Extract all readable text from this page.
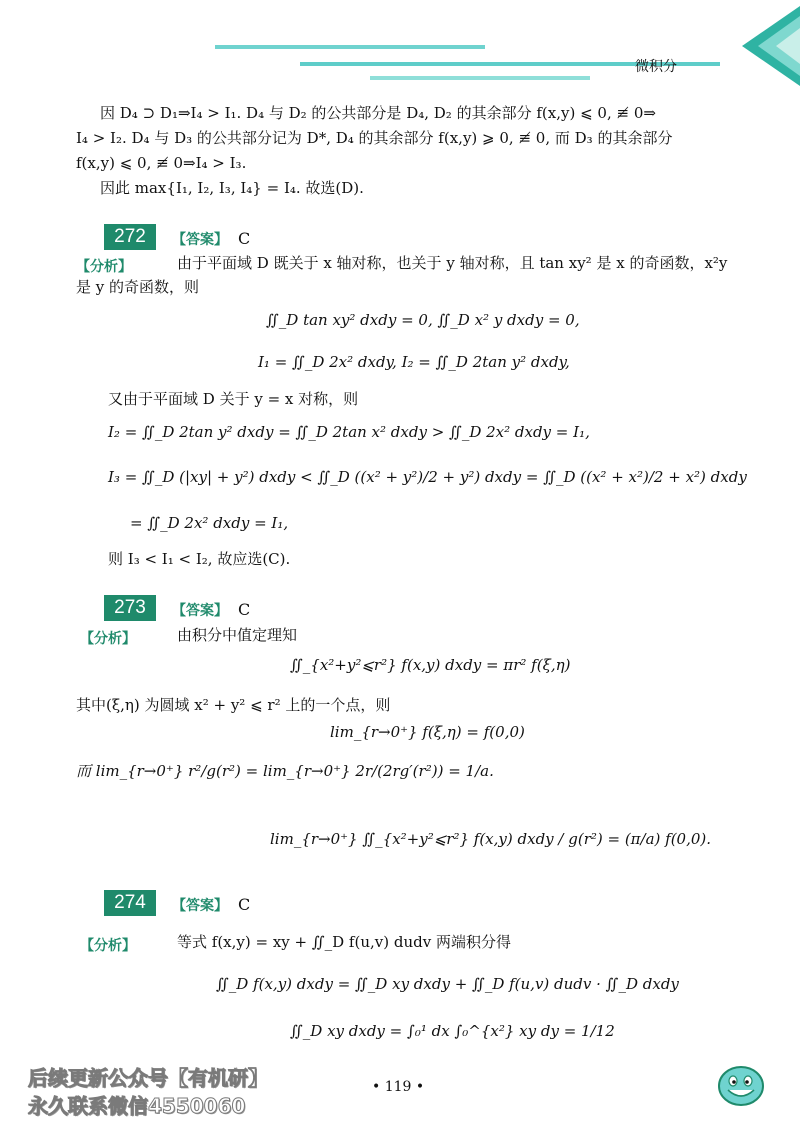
微积分
因 D₄ ⊃ D₁⇒I₄ > I₁. D₄ 与 D₂ 的公共部分是 D₄, D₂ 的其余部分 f(x,y) ⩽ 0, ≢ 0⇒
I₄ > I₂. D₄ 与 D₃ 的公共部分记为 D*, D₄ 的其余部分 f(x,y) ⩾ 0, ≢ 0, 而 D₃ 的其余部分
f(x,y) ⩽ 0, ≢ 0⇒I₄ > I₃.
因此 max{I₁, I₂, I₃, I₄} = I₄. 故选(D).
272	【答案】 C
【分析】	由于平面域 D 既关于 x 轴对称，也关于 y 轴对称，且 tan xy² 是 x 的奇函数，x²y
是 y 的奇函数，则
∬_D tan xy² dxdy = 0, ∬_D x² y dxdy = 0,
I₁ = ∬_D 2x² dxdy, I₂ = ∬_D 2tan y² dxdy,
又由于平面域 D 关于 y = x 对称，则
I₂ = ∬_D 2tan y² dxdy = ∬_D 2tan x² dxdy > ∬_D 2x² dxdy = I₁,
I₃ = ∬_D (|xy| + y²) dxdy < ∬_D ((x² + y²)/2 + y²) dxdy = ∬_D ((x² + x²)/2 + x²) dxdy
= ∬_D 2x² dxdy = I₁,
则 I₃ < I₁ < I₂, 故应选(C).
273	【答案】 C
【分析】	由积分中值定理知
∬_{x²+y²⩽r²} f(x,y) dxdy = πr² f(ξ,η)
其中(ξ,η) 为圆域 x² + y² ⩽ r² 上的一个点，则
lim_{r→0⁺} f(ξ,η) = f(0,0)
而 lim_{r→0⁺} r²/g(r²) = lim_{r→0⁺} 2r/(2rg′(r²)) = 1/a.
lim_{r→0⁺} ∬_{x²+y²⩽r²} f(x,y) dxdy / g(r²) = (π/a) f(0,0).
274	【答案】 C
【分析】	等式 f(x,y) = xy + ∬_D f(u,v) dudv 两端积分得
∬_D f(x,y) dxdy = ∬_D xy dxdy + ∬_D f(u,v) dudv · ∬_D dxdy
∬_D xy dxdy = ∫₀¹ dx ∫₀^{x²} xy dy = 1/12
• 119 •
后续更新公众号【有机研】
永久联系微信4550060
